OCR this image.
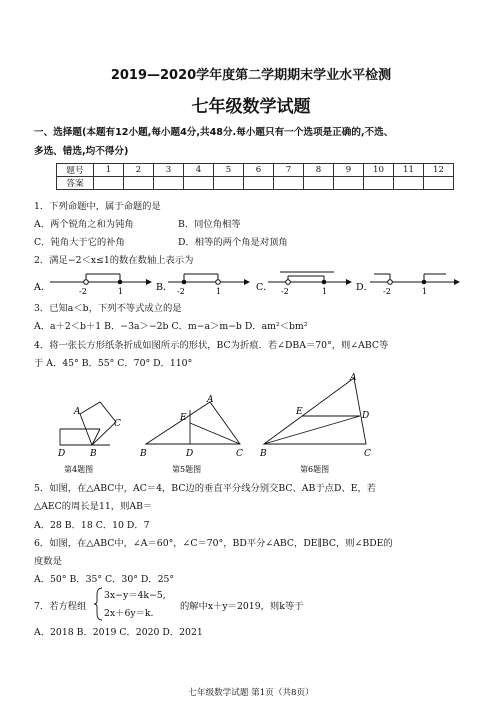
2019—2020学年度第二学期期末学业水平检测
七年级数学试题
一、选择题(本题有12小题,每小题4分,共48分.每小题只有一个选项是正确的,不选、
多选、错选,均不得分)
题号	1	2	3	4	5	6	7	8	9	10	11	12
答案												
1．下列命题中，属于命题的是
A．两个锐角之和为钝角	B．同位角相等
C．钝角大于它的补角	D．相等的两个角是对顶角
2．满足−2＜x≤1的数在数轴上表示为
A．	-2	1	B． -2	1	C． -2	1	D． -2	1
3．已知a＜b，下列不等式成立的是
A．a＋2＜b＋1 B．−3a＞−2b C．m−a＞m−b D．am²＜bm²
4．将一张长方形纸条折成如图所示的形状，BC为折痕．若∠DBA＝70°，则∠ABC等
于 A．45° B．55° C．70° D．110°
A
C
D	B
A
E
B	D	C
A
E	D
B	C
第4题图	第5题图	第6题图
5．如图，在△ABC中，AC＝4，BC边的垂直平分线分别交BC、AB于点D、E，若
△AEC的周长是11，则AB＝
A．28 B．18 C．10 D．7
6．如图，在△ABC中，∠A＝60°，∠C＝70°，BD平分∠ABC，DE∥BC，则∠BDE的
度数是
A．50° B．35° C．30° D．25°
7．若方程组
3x−y＝4k−5,
2x＋6y＝k.
的解中x＋y＝2019，则k等于
A．2018 B．2019 C．2020 D．2021
七年级数学试题 第1页（共8页）
